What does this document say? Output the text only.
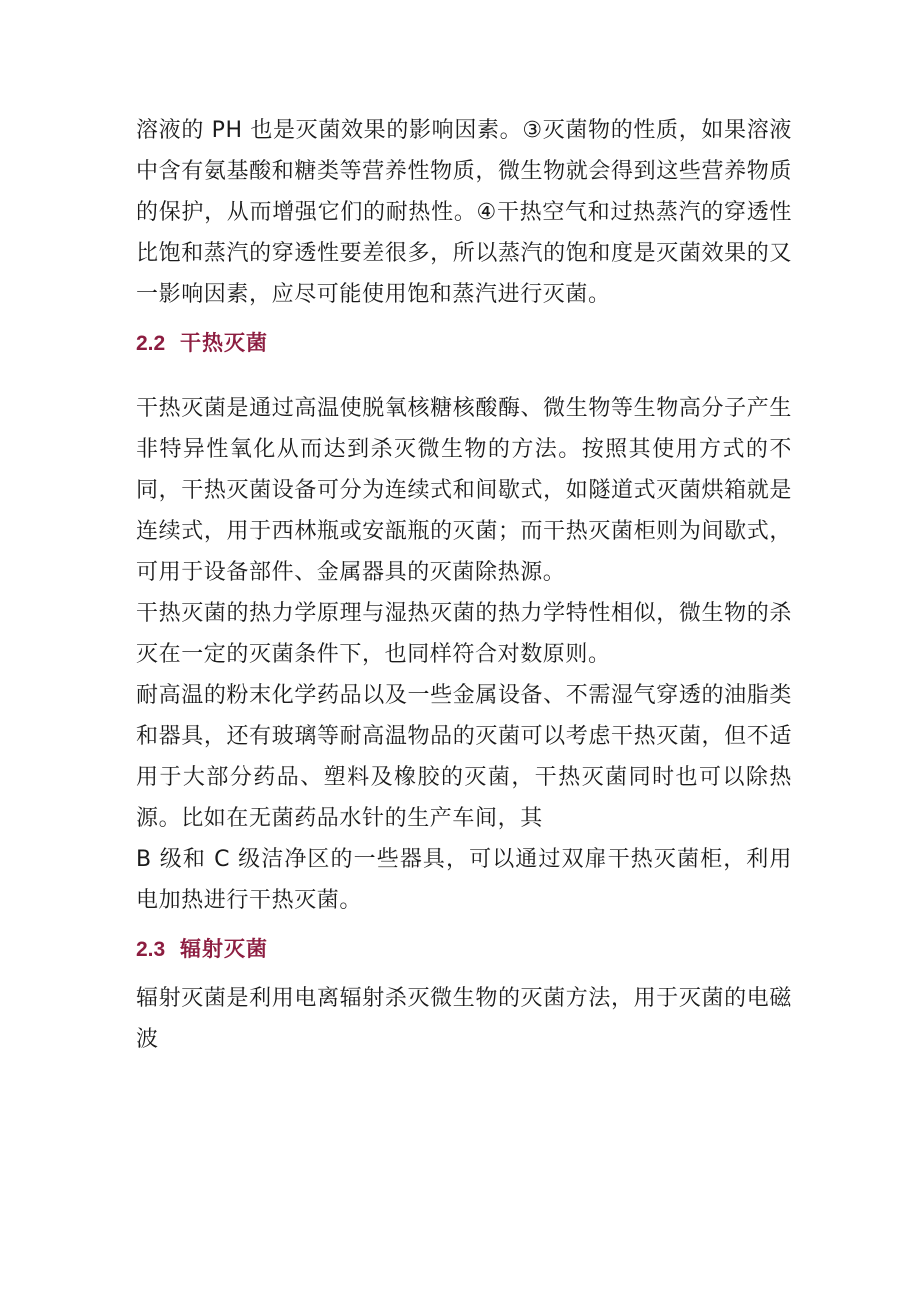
溶液的 PH 也是灭菌效果的影响因素。③灭菌物的性质，如果溶液中含有氨基酸和糖类等营养性物质，微生物就会得到这些营养物质的保护，从而增强它们的耐热性。④干热空气和过热蒸汽的穿透性比饱和蒸汽的穿透性要差很多，所以蒸汽的饱和度是灭菌效果的又一影响因素，应尽可能使用饱和蒸汽进行灭菌。

2.2 干热灭菌

干热灭菌是通过高温使脱氧核糖核酸酶、微生物等生物高分子产生非特异性氧化从而达到杀灭微生物的方法。按照其使用方式的不同，干热灭菌设备可分为连续式和间歇式，如隧道式灭菌烘箱就是连续式，用于西林瓶或安瓿瓶的灭菌；而干热灭菌柜则为间歇式，可用于设备部件、金属器具的灭菌除热源。

干热灭菌的热力学原理与湿热灭菌的热力学特性相似，微生物的杀灭在一定的灭菌条件下，也同样符合对数原则。

耐高温的粉末化学药品以及一些金属设备、不需湿气穿透的油脂类和器具，还有玻璃等耐高温物品的灭菌可以考虑干热灭菌，但不适用于大部分药品、塑料及橡胶的灭菌，干热灭菌同时也可以除热源。比如在无菌药品水针的生产车间，其

B 级和 C 级洁净区的一些器具，可以通过双扉干热灭菌柜，利用电加热进行干热灭菌。

2.3 辐射灭菌

辐射灭菌是利用电离辐射杀灭微生物的灭菌方法，用于灭菌的电磁波
